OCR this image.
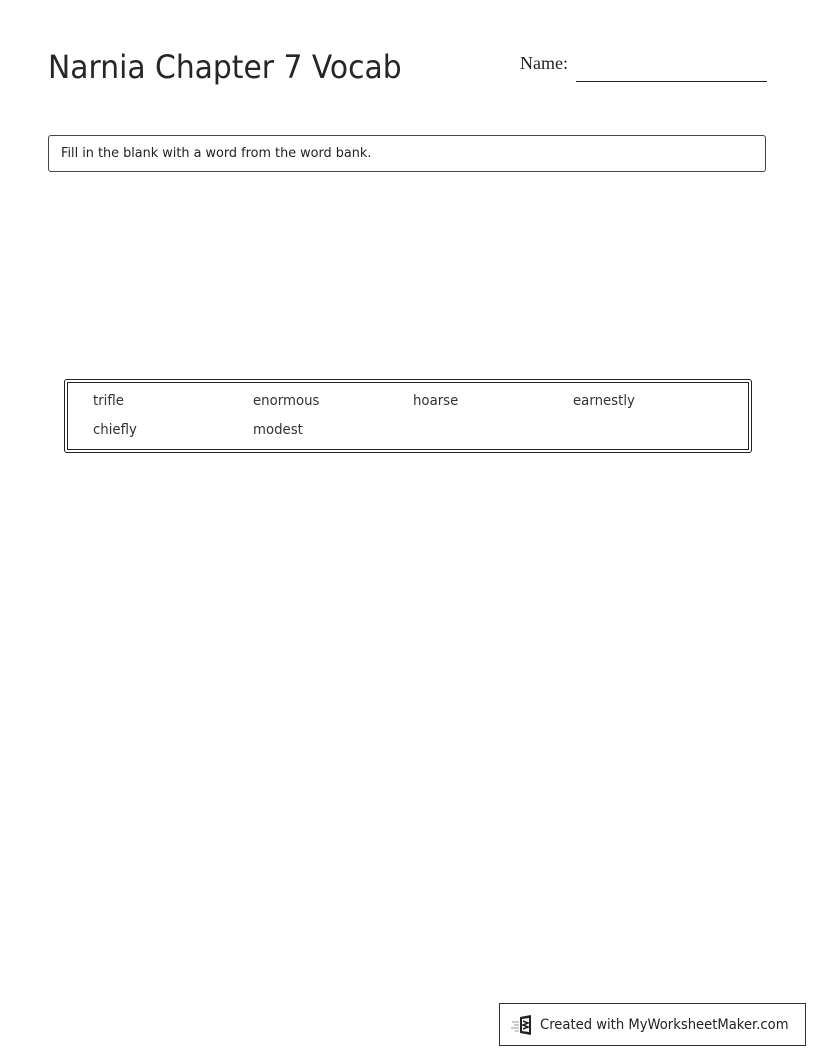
Narnia Chapter 7 Vocab	Name:
Fill in the blank with a word from the word bank.
trifle	enormous	hoarse	earnestly
chiefly	modest
Created with MyWorksheetMaker.com
